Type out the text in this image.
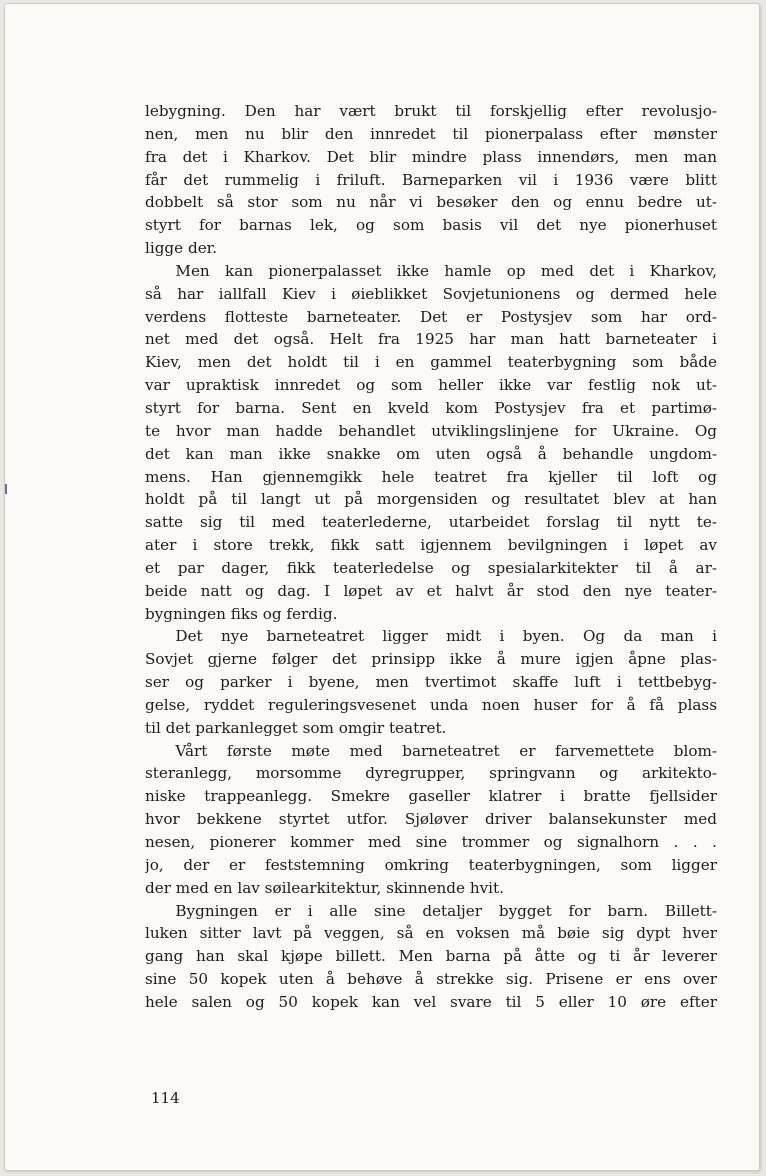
lebygning. Den har vært brukt til forskjellig efter revolusjo-
nen, men nu blir den innredet til pionerpalass efter mønster
fra det i Kharkov. Det blir mindre plass innendørs, men man
får det rummelig i friluft. Barneparken vil i 1936 være blitt
dobbelt så stor som nu når vi besøker den og ennu bedre ut-
styrt for barnas lek, og som basis vil det nye pionerhuset
ligge der.
Men kan pionerpalasset ikke hamle op med det i Kharkov,
så har iallfall Kiev i øieblikket Sovjetunionens og dermed hele
verdens flotteste barneteater. Det er Postysjev som har ord-
net med det også. Helt fra 1925 har man hatt barneteater i
Kiev, men det holdt til i en gammel teaterbygning som både
var upraktisk innredet og som heller ikke var festlig nok ut-
styrt for barna. Sent en kveld kom Postysjev fra et partimø-
te hvor man hadde behandlet utviklingslinjene for Ukraine. Og
det kan man ikke snakke om uten også å behandle ungdom-
mens. Han gjennemgikk hele teatret fra kjeller til loft og
holdt på til langt ut på morgensiden og resultatet blev at han
satte sig til med teaterlederne, utarbeidet forslag til nytt te-
ater i store trekk, fikk satt igjennem bevilgningen i løpet av
et par dager, fikk teaterledelse og spesialarkitekter til å ar-
beide natt og dag. I løpet av et halvt år stod den nye teater-
bygningen fiks og ferdig.
Det nye barneteatret ligger midt i byen. Og da man i
Sovjet gjerne følger det prinsipp ikke å mure igjen åpne plas-
ser og parker i byene, men tvertimot skaffe luft i tettbebyg-
gelse, ryddet reguleringsvesenet unda noen huser for å få plass
til det parkanlegget som omgir teatret.
Vårt første møte med barneteatret er farvemettete blom-
steranlegg, morsomme dyregrupper, springvann og arkitekto-
niske trappeanlegg. Smekre gaseller klatrer i bratte fjellsider
hvor bekkene styrtet utfor. Sjøløver driver balansekunster med
nesen, pionerer kommer med sine trommer og signalhorn . . .
jo, der er feststemning omkring teaterbygningen, som ligger
der med en lav søilearkitektur, skinnende hvit.
Bygningen er i alle sine detaljer bygget for barn. Billett-
luken sitter lavt på veggen, så en voksen må bøie sig dypt hver
gang han skal kjøpe billett. Men barna på åtte og ti år leverer
sine 50 kopek uten å behøve å strekke sig. Prisene er ens over
hele salen og 50 kopek kan vel svare til 5 eller 10 øre efter
114
